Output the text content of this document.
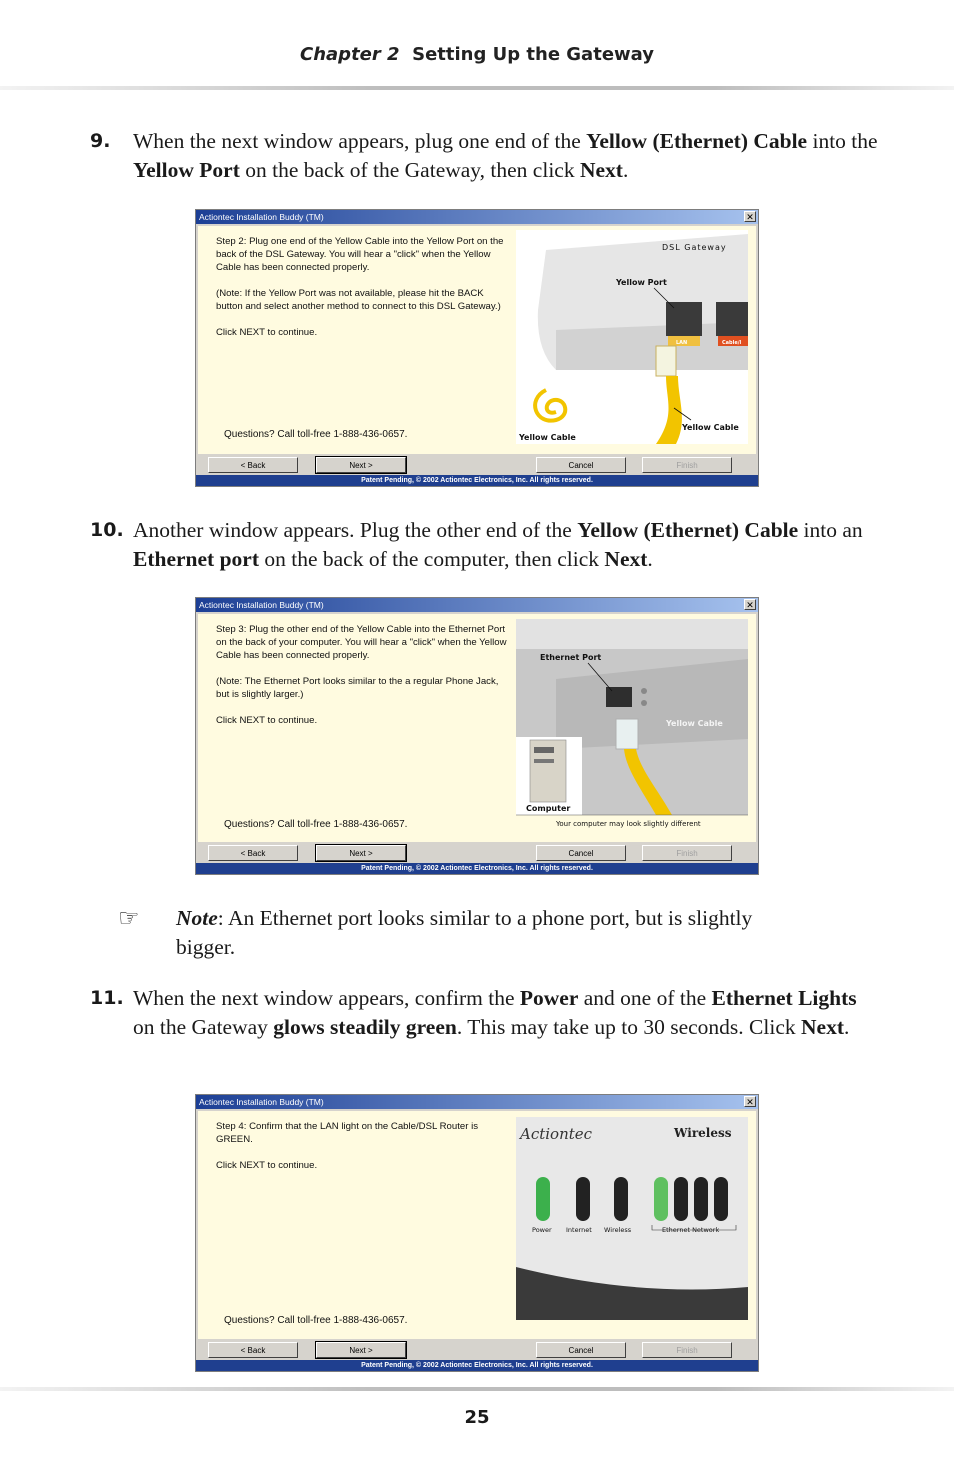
Chapter 2 Setting Up the Gateway
9. When the next window appears, plug one end of the Yellow (Ethernet) Cable into the Yellow Port on the back of the Gateway, then click Next.
Actiontec Installation Buddy (TM)	✕

Step 2: Plug one end of the Yellow Cable into the Yellow Port on the back of the DSL Gateway. You will hear a "click" when the Yellow Cable has been connected properly.

(Note: If the Yellow Port was not available, please hit the BACK button and select another method to connect to this DSL Gateway.)

Click NEXT to continue.

Questions? Call toll-free 1-888-436-0657.
DSL Gateway
Yellow Port
LAN	Cable/l
Yellow Cable
Yellow Cable
< Back	Next >	Cancel	Finish
Patent Pending, © 2002 Actiontec Electronics, Inc. All rights reserved.
10. Another window appears. Plug the other end of the Yellow (Ethernet) Cable into an Ethernet port on the back of the computer, then click Next.
Actiontec Installation Buddy (TM)	✕

Step 3: Plug the other end of the Yellow Cable into the Ethernet Port on the back of your computer. You will hear a "click" when the Yellow Cable has been connected properly.

(Note: The Ethernet Port looks similar to the a regular Phone Jack, but is slightly larger.)

Click NEXT to continue.

Questions? Call toll-free 1-888-436-0657.
Ethernet Port
Yellow Cable
Computer
Your computer may look slightly different
< Back	Next >	Cancel	Finish
Patent Pending, © 2002 Actiontec Electronics, Inc. All rights reserved.
☞ Note: An Ethernet port looks similar to a phone port, but is slightly bigger.
11. When the next window appears, confirm the Power and one of the Ethernet Lights on the Gateway glows steadily green. This may take up to 30 seconds. Click Next.
Actiontec Installation Buddy (TM)	✕

Step 4: Confirm that the LAN light on the Cable/DSL Router is GREEN.

Click NEXT to continue.

Questions? Call toll-free 1-888-436-0657.
Actiontec	Wireless
Power Internet Wireless	Ethernet Network
< Back	Next >	Cancel	Finish
Patent Pending, © 2002 Actiontec Electronics, Inc. All rights reserved.
25
